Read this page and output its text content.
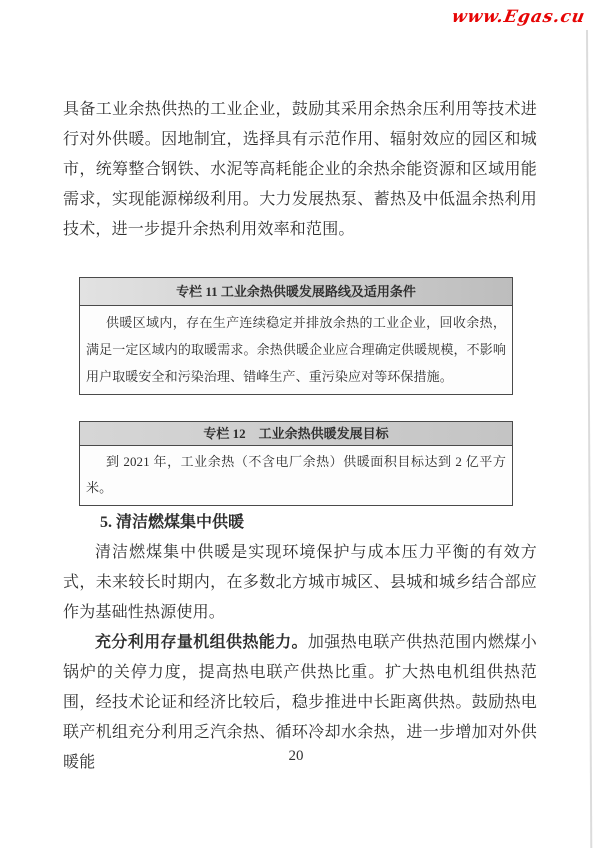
www.Egas.cu

具备工业余热供热的工业企业，鼓励其采用余热余压利用等技术进行对外供暖。因地制宜，选择具有示范作用、辐射效应的园区和城市，统筹整合钢铁、水泥等高耗能企业的余热余能资源和区域用能需求，实现能源梯级利用。大力发展热泵、蓄热及中低温余热利用技术，进一步提升余热利用效率和范围。

专栏 11 工业余热供暖发展路线及适用条件
供暖区域内，存在生产连续稳定并排放余热的工业企业，回收余热，满足一定区域内的取暖需求。余热供暖企业应合理确定供暖规模，不影响用户取暖安全和污染治理、错峰生产、重污染应对等环保措施。
专栏 12　工业余热供暖发展目标
到 2021 年，工业余热（不含电厂余热）供暖面积目标达到 2 亿平方米。
5. 清洁燃煤集中供暖

清洁燃煤集中供暖是实现环境保护与成本压力平衡的有效方式，未来较长时期内，在多数北方城市城区、县城和城乡结合部应作为基础性热源使用。

充分利用存量机组供热能力。加强热电联产供热范围内燃煤小锅炉的关停力度，提高热电联产供热比重。扩大热电机组供热范围，经技术论证和经济比较后，稳步推进中长距离供热。鼓励热电联产机组充分利用乏汽余热、循环冷却水余热，进一步增加对外供暖能	20
